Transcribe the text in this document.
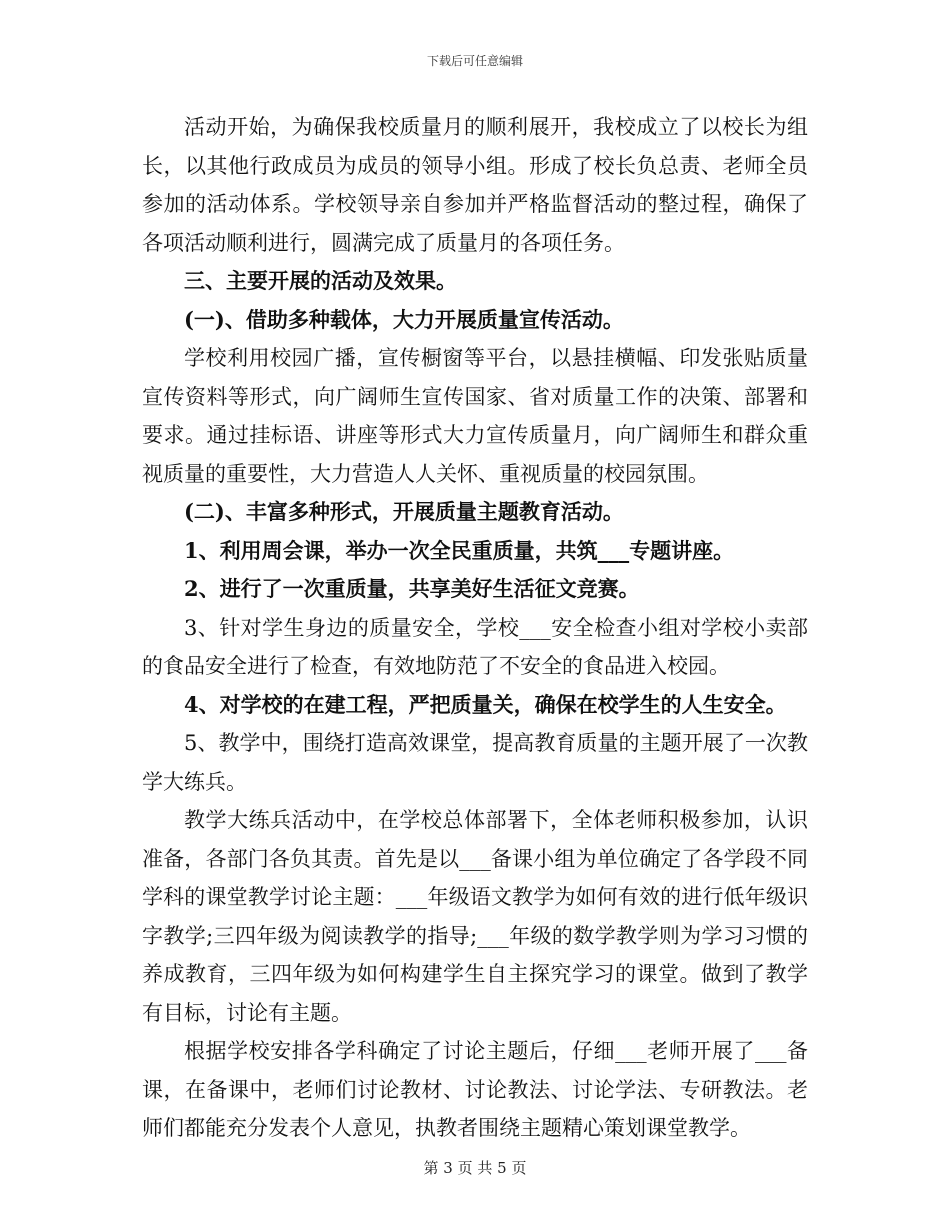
下载后可任意编辑

活动开始，为确保我校质量月的顺利展开，我校成立了以校长为组长，以其他行政成员为成员的领导小组。形成了校长负总责、老师全员参加的活动体系。学校领导亲自参加并严格监督活动的整过程，确保了各项活动顺利进行，圆满完成了质量月的各项任务。

三、主要开展的活动及效果。

(一)、借助多种载体，大力开展质量宣传活动。

学校利用校园广播，宣传橱窗等平台，以悬挂横幅、印发张贴质量宣传资料等形式，向广阔师生宣传国家、省对质量工作的决策、部署和要求。通过挂标语、讲座等形式大力宣传质量月，向广阔师生和群众重视质量的重要性，大力营造人人关怀、重视质量的校园氛围。

(二)、丰富多种形式，开展质量主题教育活动。

1、利用周会课，举办一次全民重质量，共筑___专题讲座。

2、进行了一次重质量，共享美好生活征文竞赛。

3、针对学生身边的质量安全，学校___安全检查小组对学校小卖部的食品安全进行了检查，有效地防范了不安全的食品进入校园。

4、对学校的在建工程，严把质量关，确保在校学生的人生安全。

5、教学中，围绕打造高效课堂，提高教育质量的主题开展了一次教学大练兵。

教学大练兵活动中，在学校总体部署下，全体老师积极参加，认识准备，各部门各负其责。首先是以___备课小组为单位确定了各学段不同学科的课堂教学讨论主题：___年级语文教学为如何有效的进行低年级识字教学;三四年级为阅读教学的指导;___年级的数学教学则为学习习惯的养成教育，三四年级为如何构建学生自主探究学习的课堂。做到了教学有目标，讨论有主题。

根据学校安排各学科确定了讨论主题后，仔细___老师开展了___备课，在备课中，老师们讨论教材、讨论教法、讨论学法、专研教法。老师们都能充分发表个人意见，执教者围绕主题精心策划课堂教学。

第 3 页 共 5 页
